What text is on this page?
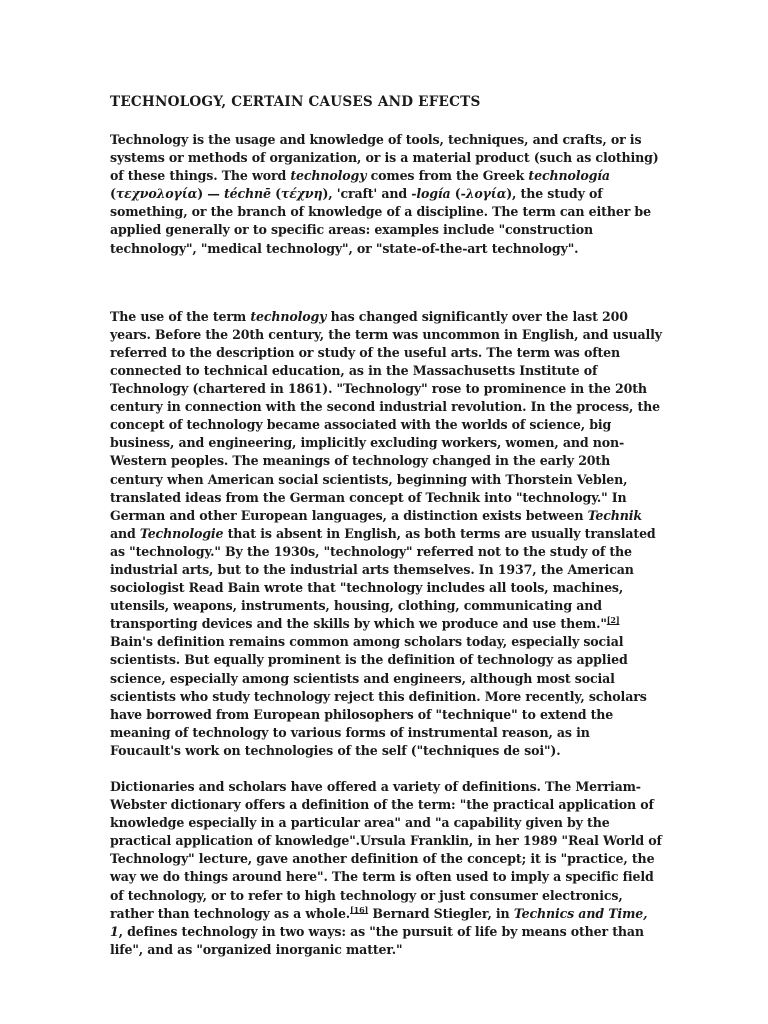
TECHNOLOGY, CERTAIN CAUSES AND EFECTS

Technology is the usage and knowledge of tools, techniques, and crafts, or is systems or methods of organization, or is a material product (such as clothing) of these things. The word technology comes from the Greek technología (τεχνολογία) — téchnē (τέχνη), 'craft' and -logía (-λογία), the study of something, or the branch of knowledge of a discipline. The term can either be applied generally or to specific areas: examples include "construction technology", "medical technology", or "state-of-the-art technology".

The use of the term technology has changed significantly over the last 200 years. Before the 20th century, the term was uncommon in English, and usually referred to the description or study of the useful arts. The term was often connected to technical education, as in the Massachusetts Institute of Technology (chartered in 1861). "Technology" rose to prominence in the 20th century in connection with the second industrial revolution. In the process, the concept of technology became associated with the worlds of science, big business, and engineering, implicitly excluding workers, women, and non-Western peoples. The meanings of technology changed in the early 20th century when American social scientists, beginning with Thorstein Veblen, translated ideas from the German concept of Technik into "technology." In German and other European languages, a distinction exists between Technik and Technologie that is absent in English, as both terms are usually translated as "technology." By the 1930s, "technology" referred not to the study of the industrial arts, but to the industrial arts themselves. In 1937, the American sociologist Read Bain wrote that "technology includes all tools, machines, utensils, weapons, instruments, housing, clothing, communicating and transporting devices and the skills by which we produce and use them."[2] Bain's definition remains common among scholars today, especially social scientists. But equally prominent is the definition of technology as applied science, especially among scientists and engineers, although most social scientists who study technology reject this definition. More recently, scholars have borrowed from European philosophers of "technique" to extend the meaning of technology to various forms of instrumental reason, as in Foucault's work on technologies of the self ("techniques de soi").

Dictionaries and scholars have offered a variety of definitions. The Merriam-Webster dictionary offers a definition of the term: "the practical application of knowledge especially in a particular area" and "a capability given by the practical application of knowledge".Ursula Franklin, in her 1989 "Real World of Technology" lecture, gave another definition of the concept; it is "practice, the way we do things around here". The term is often used to imply a specific field of technology, or to refer to high technology or just consumer electronics, rather than technology as a whole.[16] Bernard Stiegler, in Technics and Time, 1, defines technology in two ways: as "the pursuit of life by means other than life", and as "organized inorganic matter."
